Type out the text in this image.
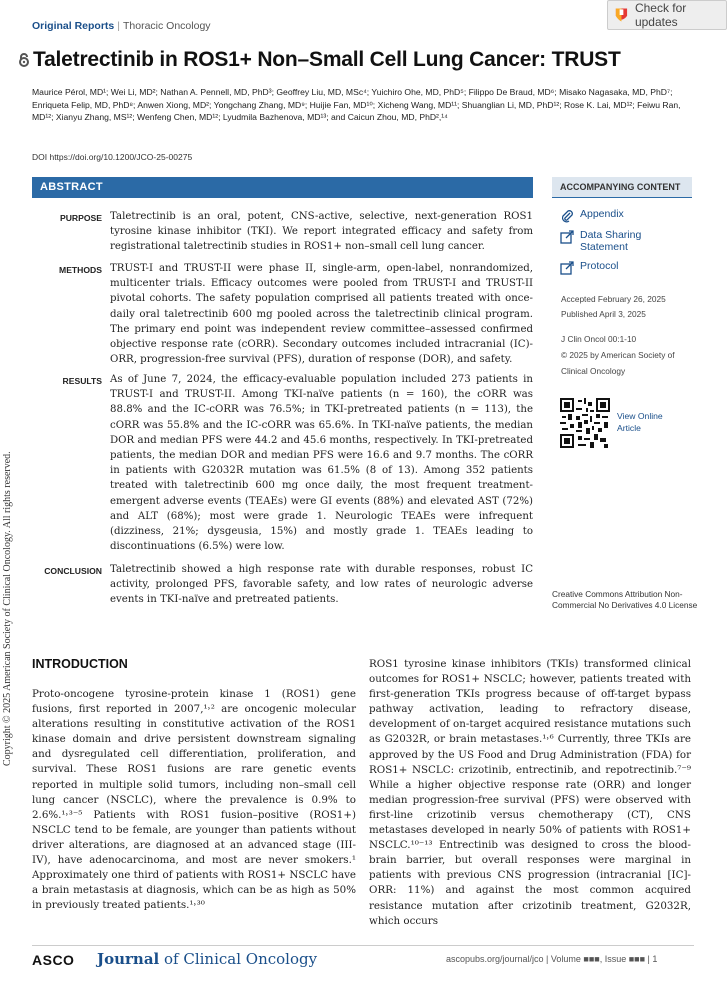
Copyright © 2025 American Society of Clinical Oncology. All rights reserved.
Original Reports | Thoracic Oncology
Check for updates
Taletrectinib in ROS1+ Non–Small Cell Lung Cancer: TRUST

Maurice Pérol, MD¹; Wei Li, MD²; Nathan A. Pennell, MD, PhD³; Geoffrey Liu, MD, MSc⁴; Yuichiro Ohe, MD, PhD⁵; Filippo De Braud, MD⁶; Misako Nagasaka, MD, PhD⁷; Enriqueta Felip, MD, PhD⁸; Anwen Xiong, MD²; Yongchang Zhang, MD⁹; Huijie Fan, MD¹⁰; Xicheng Wang, MD¹¹; Shuanglian Li, MD, PhD¹²; Rose K. Lai, MD¹²; Feiwu Ran, MD¹²; Xianyu Zhang, MS¹²; Wenfeng Chen, MD¹²; Lyudmila Bazhenova, MD¹³; and Caicun Zhou, MD, PhD²,¹⁴

DOI https://doi.org/10.1200/JCO-25-00275
ABSTRACT
PURPOSE Taletrectinib is an oral, potent, CNS-active, selective, next-generation ROS1 tyrosine kinase inhibitor (TKI). We report integrated efficacy and safety from registrational taletrectinib studies in ROS1+ non–small cell lung cancer.

METHODS TRUST-I and TRUST-II were phase II, single-arm, open-label, nonrandomized, multicenter trials. Efficacy outcomes were pooled from TRUST-I and TRUST-II pivotal cohorts. The safety population comprised all patients treated with once-daily oral taletrectinib 600 mg pooled across the taletrectinib clinical program. The primary end point was independent review committee–assessed confirmed objective response rate (cORR). Secondary outcomes included intracranial (IC)-ORR, progression-free survival (PFS), duration of response (DOR), and safety.

RESULTS As of June 7, 2024, the efficacy-evaluable population included 273 patients in TRUST-I and TRUST-II. Among TKI-naïve patients (n = 160), the cORR was 88.8% and the IC-cORR was 76.5%; in TKI-pretreated patients (n = 113), the cORR was 55.8% and the IC-cORR was 65.6%. In TKI-naïve patients, the median DOR and median PFS were 44.2 and 45.6 months, respectively. In TKI-pretreated patients, the median DOR and median PFS were 16.6 and 9.7 months. The cORR in patients with G2032R mutation was 61.5% (8 of 13). Among 352 patients treated with taletrectinib 600 mg once daily, the most frequent treatment-emergent adverse events (TEAEs) were GI events (88%) and elevated AST (72%) and ALT (68%); most were grade 1. Neurologic TEAEs were infrequent (dizziness, 21%; dysgeusia, 15%) and mostly grade 1. TEAEs leading to discontinuations (6.5%) were low.

CONCLUSION Taletrectinib showed a high response rate with durable responses, robust IC activity, prolonged PFS, favorable safety, and low rates of neurologic adverse events in TKI-naïve and pretreated patients.

ACCOMPANYING CONTENT
Appendix
Data Sharing Statement
Protocol
Accepted February 26, 2025
Published April 3, 2025
J Clin Oncol 00:1-10
© 2025 by American Society of Clinical Oncology
View Online Article
Creative Commons Attribution Non-Commercial No Derivatives 4.0 License
INTRODUCTION

Proto-oncogene tyrosine-protein kinase 1 (ROS1) gene fusions, first reported in 2007,¹˒² are oncogenic molecular alterations resulting in constitutive activation of the ROS1 kinase domain and drive persistent downstream signaling and dysregulated cell differentiation, proliferation, and survival. These ROS1 fusions are rare genetic events reported in multiple solid tumors, including non–small cell lung cancer (NSCLC), where the prevalence is 0.9% to 2.6%.¹˒³⁻⁵ Patients with ROS1 fusion–positive (ROS1+) NSCLC tend to be female, are younger than patients without driver alterations, are diagnosed at an advanced stage (III-IV), have adenocarcinoma, and most are never smokers.¹ Approximately one third of patients with ROS1+ NSCLC have a brain metastasis at diagnosis, which can be as high as 50% in previously treated patients.¹˒³⁰

ROS1 tyrosine kinase inhibitors (TKIs) transformed clinical outcomes for ROS1+ NSCLC; however, patients treated with first-generation TKIs progress because of off-target bypass pathway activation, leading to refractory disease, development of on-target acquired resistance mutations such as G2032R, or brain metastases.¹˒⁶ Currently, three TKIs are approved by the US Food and Drug Administration (FDA) for ROS1+ NSCLC: crizotinib, entrectinib, and repotrectinib.⁷⁻⁹ While a higher objective response rate (ORR) and longer median progression-free survival (PFS) were observed with first-line crizotinib versus chemotherapy (CT), CNS metastases developed in nearly 50% of patients with ROS1+ NSCLC.¹⁰⁻¹³ Entrectinib was designed to cross the blood-brain barrier, but overall responses were marginal in patients with previous CNS progression (intracranial [IC]-ORR: 11%) and against the most common acquired resistance mutation after crizotinib treatment, G2032R, which occurs

ASCO Journal of Clinical Oncology	ascopubs.org/journal/jco | Volume ■■■, Issue ■■■ | 1
